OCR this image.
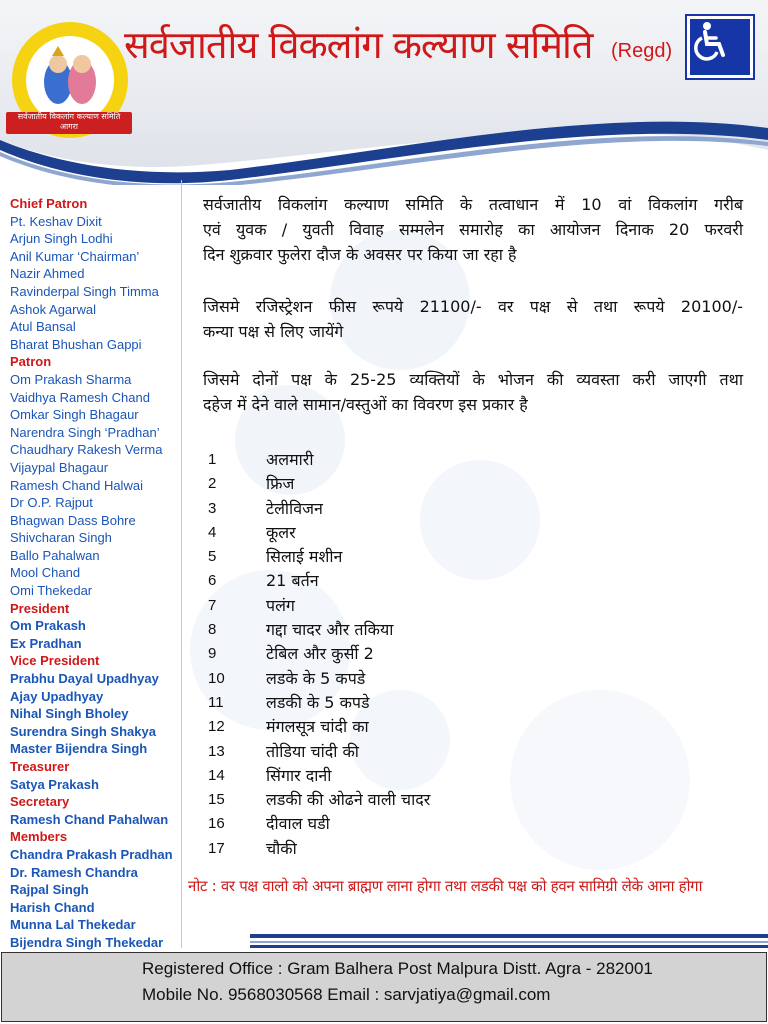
सर्वजातीय विकलांग कल्याण समिति
आगरा
सर्वजातीय विकलांग कल्याण समिति (Regd)
Chief Patron
Pt. Keshav Dixit
Arjun Singh Lodhi
Anil Kumar ‘Chairman’
Nazir Ahmed
Ravinderpal Singh Timma
Ashok Agarwal
Atul Bansal
Bharat Bhushan Gappi
Patron
Om Prakash Sharma
Vaidhya Ramesh Chand
Omkar Singh Bhagaur
Narendra Singh ‘Pradhan’
Chaudhary Rakesh Verma
Vijaypal Bhagaur
Ramesh Chand Halwai
Dr O.P. Rajput
Bhagwan Dass Bohre
Shivcharan Singh
Ballo Pahalwan
Mool Chand
Omi Thekedar
President
Om Prakash
Ex Pradhan
Vice President
Prabhu Dayal Upadhyay
Ajay Upadhyay
Nihal Singh Bholey
Surendra Singh Shakya
Master Bijendra Singh
Treasurer
Satya Prakash
Secretary
Ramesh Chand Pahalwan
Members
Chandra Prakash Pradhan
Dr. Ramesh Chandra
Rajpal Singh
Harish Chand
Munna Lal Thekedar
Bijendra Singh Thekedar
सर्वजातीय विकलांग कल्याण समिति के तत्वाधान में 10 वां विकलांग गरीब
एवं युवक / युवती विवाह सम्मलेन समारोह का आयोजन दिनाक 20 फरवरी
दिन शुक्रवार फुलेरा दौज के अवसर पर किया जा रहा है
जिसमे रजिस्ट्रेशन फीस रूपये 21100/- वर पक्ष से तथा रूपये 20100/-
कन्या पक्ष से लिए जायेंगे
जिसमे दोनों पक्ष के 25-25 व्यक्तियों के भोजन की व्यवस्ता करी जाएगी तथा
दहेज में देने वाले सामान/वस्तुओं का विवरण इस प्रकार है
1	अलमारी
2	फ्रिज
3	टेलीविजन
4	कूलर
5	सिलाई मशीन
6	21 बर्तन
7	पलंग
8	गद्दा चादर और तकिया
9	टेबिल और कुर्सी 2
10	लडके के 5 कपडे
11	लडकी के 5 कपडे
12	मंगलसूत्र चांदी का
13	तोडिया चांदी की
14	सिंगार दानी
15	लडकी की ओढने वाली चादर
16	दीवाल घडी
17	चौकी
नोट : वर पक्ष वालो को अपना ब्राह्मण लाना होगा तथा लडकी पक्ष को हवन सामिग्री लेके आना होगा
Registered Office : Gram Balhera Post Malpura Distt. Agra - 282001
Mobile No. 9568030568 Email : sarvjatiya@gmail.com
